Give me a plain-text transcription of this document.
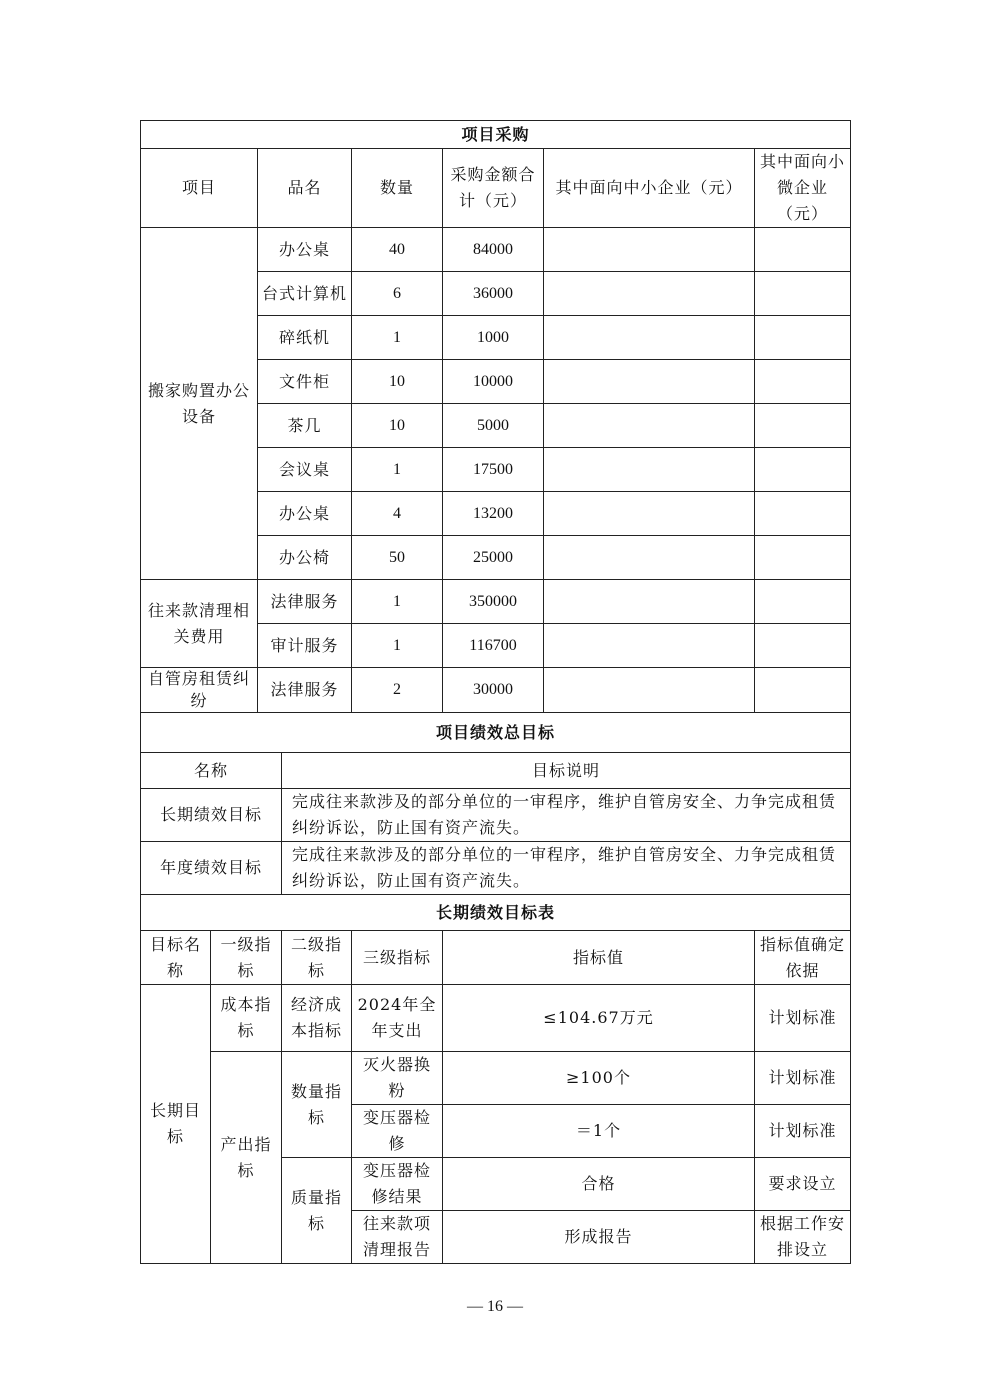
项目采购					
项目	品名	数量	采购金额合计（元）	其中面向中小企业（元）	其中面向小微企业（元）
搬家购置办公设备	办公桌	40	84000		
	台式计算机	6	36000		
	碎纸机	1	1000		
	文件柜	10	10000		
	茶几	10	5000		
	会议桌	1	17500		
	办公桌	4	13200		
	办公椅	50	25000		
往来款清理相关费用	法律服务	1	350000		
	审计服务	1	116700		
自管房租赁纠纷	法律服务	2	30000		
项目绩效总目标	
名称	目标说明
长期绩效目标	完成往来款涉及的部分单位的一审程序，维护自管房安全、力争完成租赁纠纷诉讼，防止国有资产流失。
年度绩效目标	完成往来款涉及的部分单位的一审程序，维护自管房安全、力争完成租赁纠纷诉讼，防止国有资产流失。
长期绩效目标表					
目标名称	一级指标	二级指标	三级指标	指标值	指标值确定依据
长期目标	成本指标	经济成本指标	2024年全年支出	≤104.67万元	计划标准
	产出指标	数量指标	灭火器换粉	≥100个	计划标准
			变压器检修	＝1个	计划标准
		质量指标	变压器检修结果	合格	要求设立
			往来款项清理报告	形成报告	根据工作安排设立
— 16 —
